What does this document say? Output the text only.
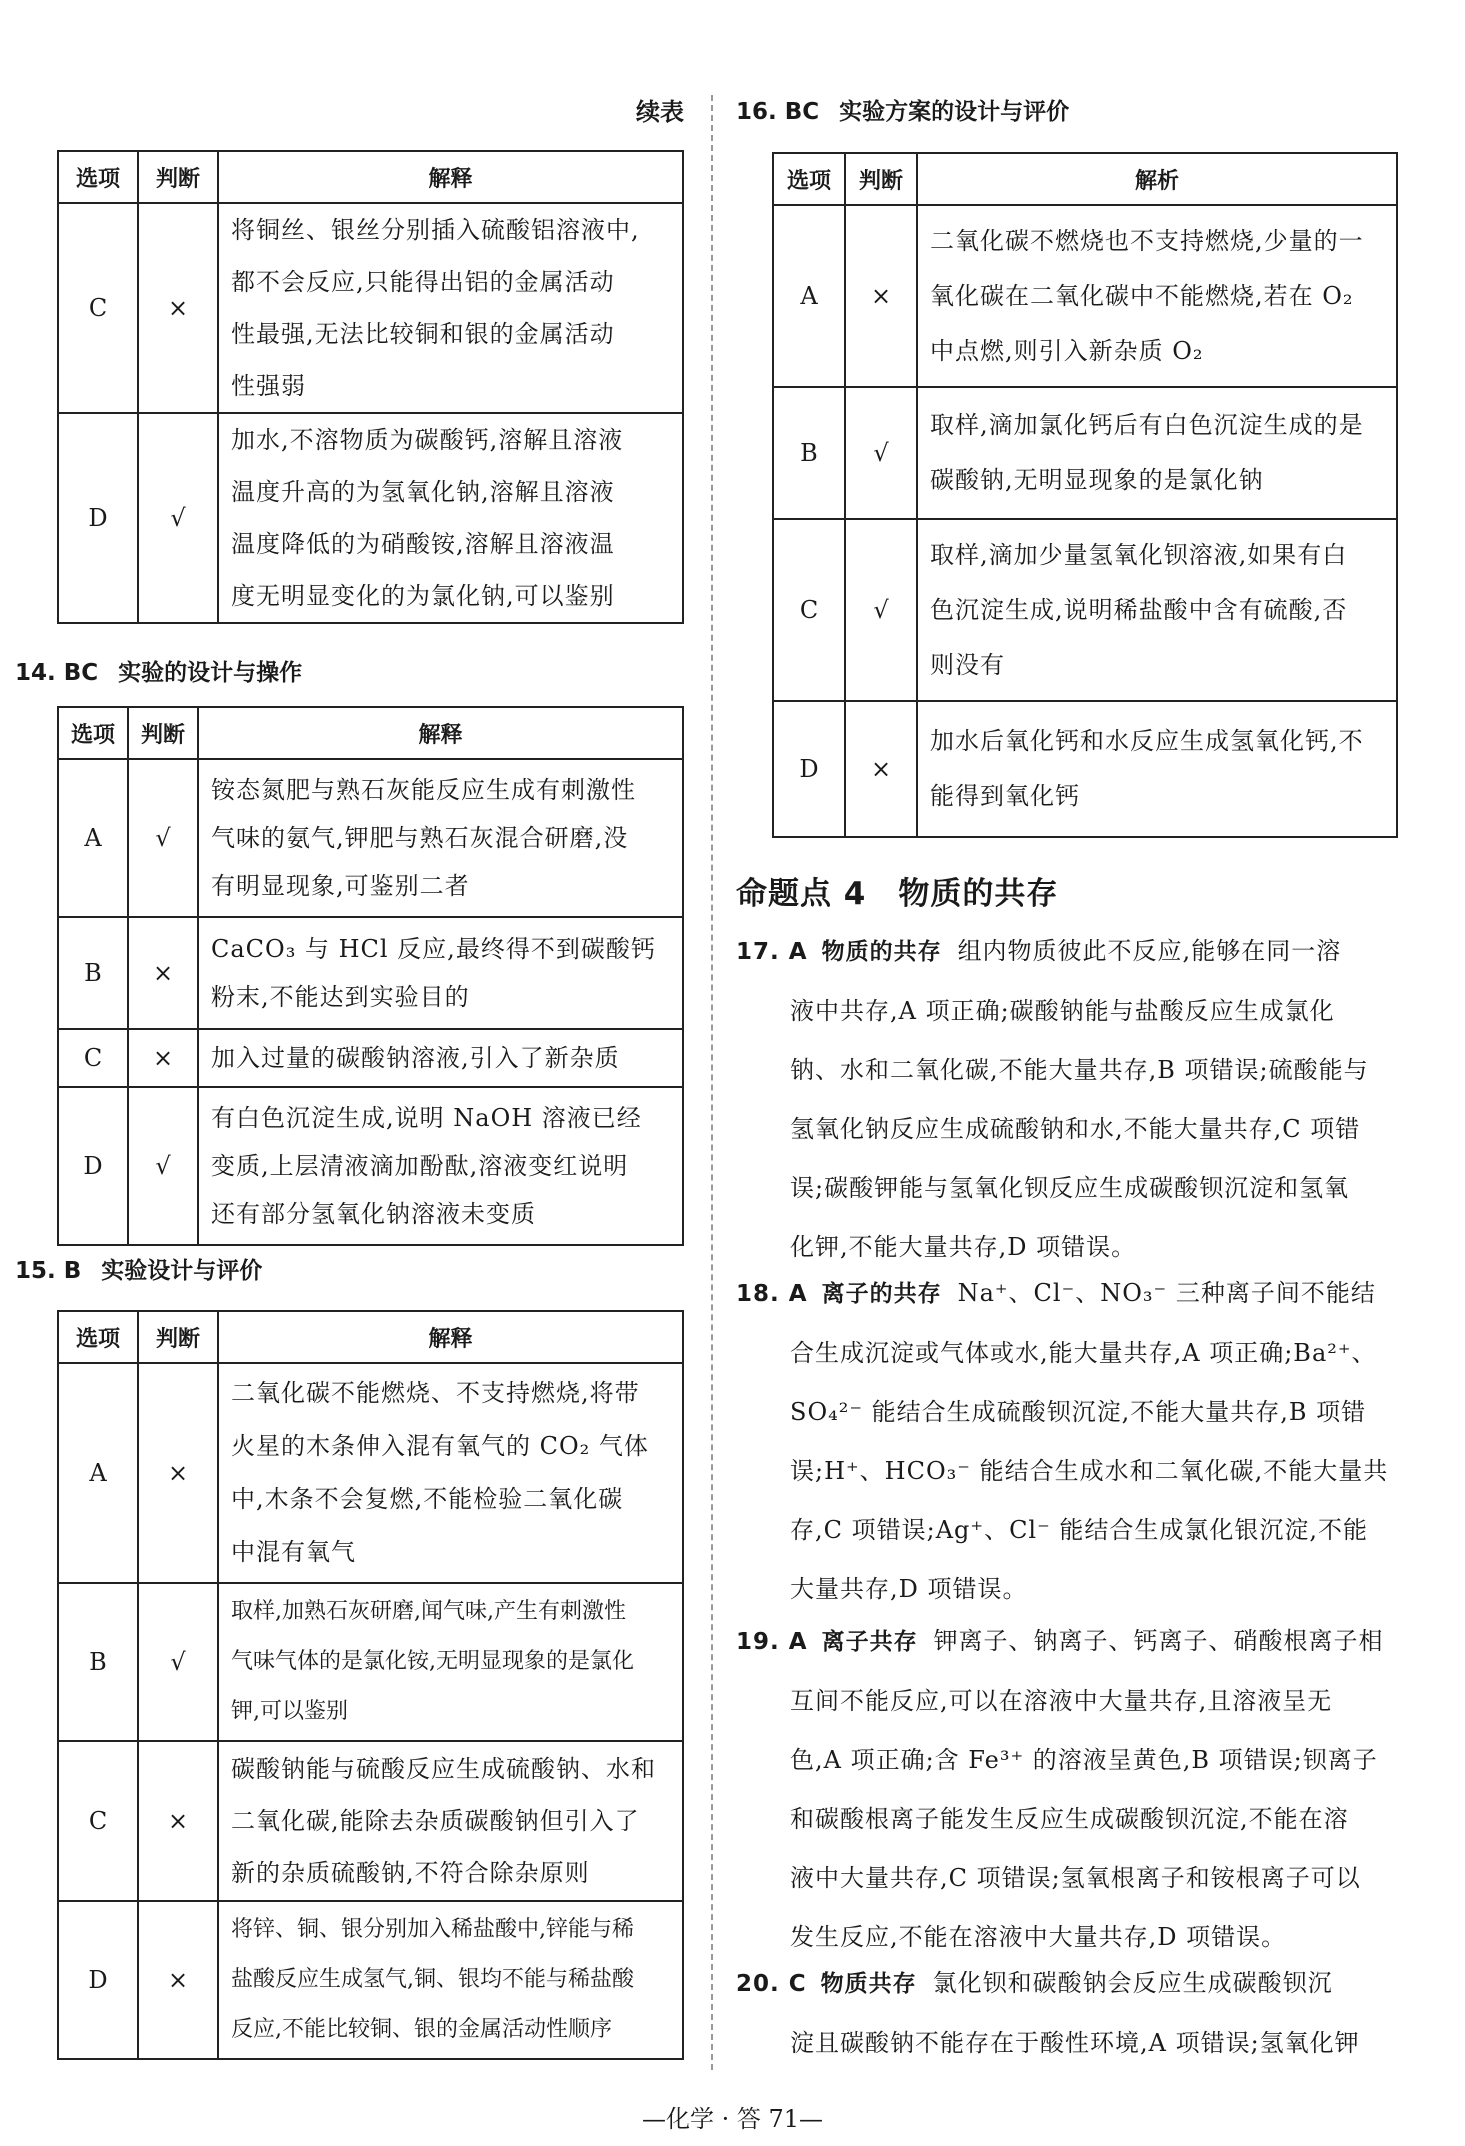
续表
选项	判断	解释
C	×	将铜丝、银丝分别插入硫酸铝溶液中,
都不会反应,只能得出铝的金属活动
性最强,无法比较铜和银的金属活动
性强弱

D	√	加水,不溶物质为碳酸钙,溶解且溶液
温度升高的为氢氧化钠,溶解且溶液
温度降低的为硝酸铵,溶解且溶液温
度无明显变化的为氯化钠,可以鉴别
14. BC 实验的设计与操作
选项	判断	解释
A	√	铵态氮肥与熟石灰能反应生成有刺激性
气味的氨气,钾肥与熟石灰混合研磨,没
有明显现象,可鉴别二者

B	×	CaCO₃ 与 HCl 反应,最终得不到碳酸钙
粉末,不能达到实验目的

C	×	加入过量的碳酸钠溶液,引入了新杂质

D	√	有白色沉淀生成,说明 NaOH 溶液已经
变质,上层清液滴加酚酞,溶液变红说明
还有部分氢氧化钠溶液未变质
15. B 实验设计与评价
选项	判断	解释
A	×	二氧化碳不能燃烧、不支持燃烧,将带
火星的木条伸入混有氧气的 CO₂ 气体
中,木条不会复燃,不能检验二氧化碳
中混有氧气

B	√	取样,加熟石灰研磨,闻气味,产生有刺激性
气味气体的是氯化铵,无明显现象的是氯化
钾,可以鉴别

C	×	碳酸钠能与硫酸反应生成硫酸钠、水和
二氧化碳,能除去杂质碳酸钠但引入了
新的杂质硫酸钠,不符合除杂原则

D	×	将锌、铜、银分别加入稀盐酸中,锌能与稀
盐酸反应生成氢气,铜、银均不能与稀盐酸
反应,不能比较铜、银的金属活动性顺序
16. BC 实验方案的设计与评价
选项	判断	解析
A	×	二氧化碳不燃烧也不支持燃烧,少量的一
氧化碳在二氧化碳中不能燃烧,若在 O₂
中点燃,则引入新杂质 O₂

B	√	取样,滴加氯化钙后有白色沉淀生成的是
碳酸钠,无明显现象的是氯化钠

C	√	取样,滴加少量氢氧化钡溶液,如果有白
色沉淀生成,说明稀盐酸中含有硫酸,否
则没有

D	×	加水后氧化钙和水反应生成氢氧化钙,不
能得到氧化钙
命题点 4　物质的共存
17. A 物质的共存 组内物质彼此不反应,能够在同一溶
液中共存,A 项正确;碳酸钠能与盐酸反应生成氯化
钠、水和二氧化碳,不能大量共存,B 项错误;硫酸能与
氢氧化钠反应生成硫酸钠和水,不能大量共存,C 项错
误;碳酸钾能与氢氧化钡反应生成碳酸钡沉淀和氢氧
化钾,不能大量共存,D 项错误。
18. A 离子的共存 Na⁺、Cl⁻、NO₃⁻ 三种离子间不能结
合生成沉淀或气体或水,能大量共存,A 项正确;Ba²⁺、
SO₄²⁻ 能结合生成硫酸钡沉淀,不能大量共存,B 项错
误;H⁺、HCO₃⁻ 能结合生成水和二氧化碳,不能大量共
存,C 项错误;Ag⁺、Cl⁻ 能结合生成氯化银沉淀,不能
大量共存,D 项错误。
19. A 离子共存 钾离子、钠离子、钙离子、硝酸根离子相
互间不能反应,可以在溶液中大量共存,且溶液呈无
色,A 项正确;含 Fe³⁺ 的溶液呈黄色,B 项错误;钡离子
和碳酸根离子能发生反应生成碳酸钡沉淀,不能在溶
液中大量共存,C 项错误;氢氧根离子和铵根离子可以
发生反应,不能在溶液中大量共存,D 项错误。
20. C 物质共存 氯化钡和碳酸钠会反应生成碳酸钡沉
淀且碳酸钠不能存在于酸性环境,A 项错误;氢氧化钾
—化学 · 答 71—
